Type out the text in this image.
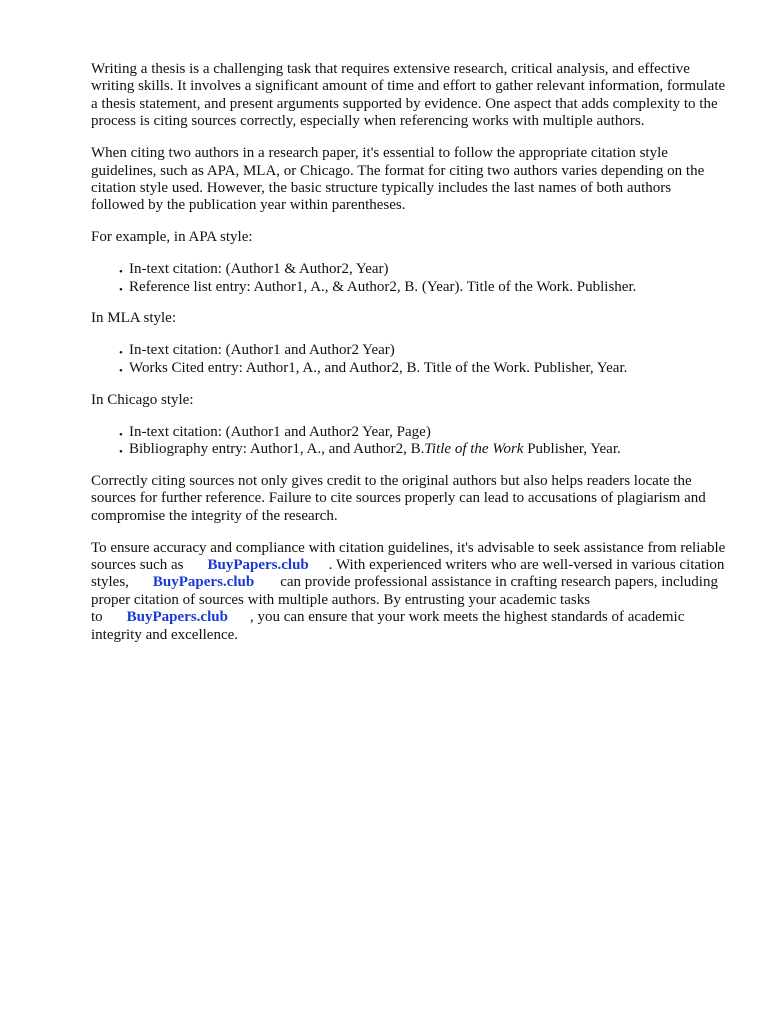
Writing a thesis is a challenging task that requires extensive research, critical analysis, and effective writing skills. It involves a significant amount of time and effort to gather relevant information, formulate a thesis statement, and present arguments supported by evidence. One aspect that adds complexity to the process is citing sources correctly, especially when referencing works with multiple authors.

When citing two authors in a research paper, it's essential to follow the appropriate citation style guidelines, such as APA, MLA, or Chicago. The format for citing two authors varies depending on the citation style used. However, the basic structure typically includes the last names of both authors followed by the publication year within parentheses.

For example, in APA style:

• In-text citation: (Author1 & Author2, Year)
• Reference list entry: Author1, A., & Author2, B. (Year). Title of the Work. Publisher.

In MLA style:

• In-text citation: (Author1 and Author2 Year)
• Works Cited entry: Author1, A., and Author2, B. Title of the Work. Publisher, Year.

In Chicago style:

• In-text citation: (Author1 and Author2 Year, Page)
• Bibliography entry: Author1, A., and Author2, B.Title of the Work Publisher, Year.

Correctly citing sources not only gives credit to the original authors but also helps readers locate the sources for further reference. Failure to cite sources properly can lead to accusations of plagiarism and compromise the integrity of the research.

To ensure accuracy and compliance with citation guidelines, it's advisable to seek assistance from reliable sources such as BuyPapers.club . With experienced writers who are well-versed in various citation styles, BuyPapers.club can provide professional assistance in crafting research papers, including proper citation of sources with multiple authors. By entrusting your academic tasks to BuyPapers.club , you can ensure that your work meets the highest standards of academic integrity and excellence.
